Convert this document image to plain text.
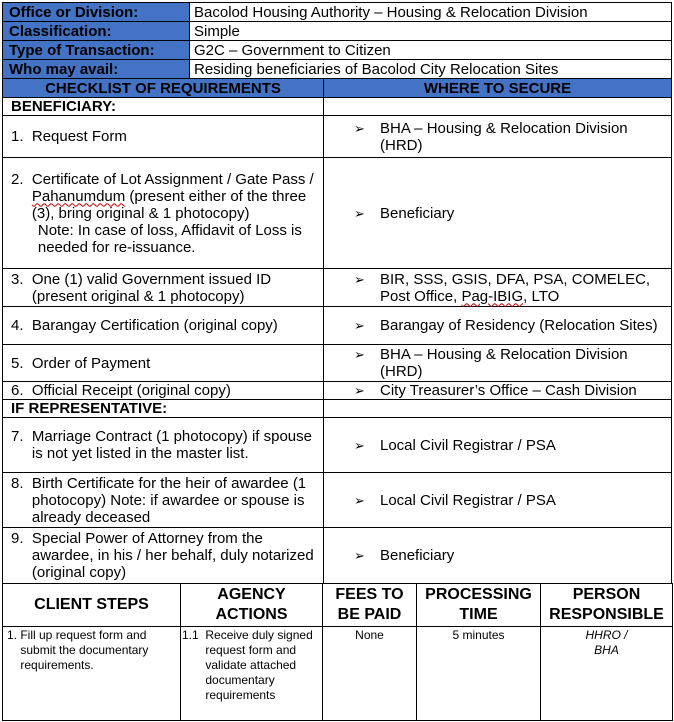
Office or Division:	Bacolod Housing Authority – Housing & Relocation Division
Classification:	Simple
Type of Transaction:	G2C – Government to Citizen
Who may avail:	Residing beneficiaries of Bacolod City Relocation Sites
CHECKLIST OF REQUIREMENTS	WHERE TO SECURE
BENEFICIARY:	

1. Request Form	➢ BHA – Housing & Relocation Division (HRD)

2. Certificate of Lot Assignment / Gate Pass / Pahanumdum (present either of the three
(3), bring original & 1 photocopy)

Note: In case of loss, Affidavit of Loss is needed for re-issuance.	➢ Beneficiary

3. One (1) valid Government issued ID (present original & 1 photocopy)	➢ BIR, SSS, GSIS, DFA, PSA, COMELEC, Post Office, Pag-IBIG, LTO

4. Barangay Certification (original copy)	➢ Barangay of Residency (Relocation Sites)

5. Order of Payment	➢ BHA – Housing & Relocation Division (HRD)

6. Official Receipt (original copy)	➢ City Treasurer’s Office – Cash Division

IF REPRESENTATIVE:	

7. Marriage Contract (1 photocopy) if spouse is not yet listed in the master list.	➢ Local Civil Registrar / PSA

8. Birth Certificate for the heir of awardee (1 photocopy) Note: if awardee or spouse is already deceased	➢ Local Civil Registrar / PSA

9. Special Power of Attorney from the awardee, in his / her behalf, duly notarized (original copy)	➢ Beneficiary
CLIENT STEPS	AGENCY ACTIONS	FEES TO BE PAID	PROCESSING TIME	PERSON RESPONSIBLE

1. Fill up request form and submit the documentary requirements.	1.1 Receive duly signed request form and validate attached documentary requirements	None	5 minutes	HHRO /
BHA
